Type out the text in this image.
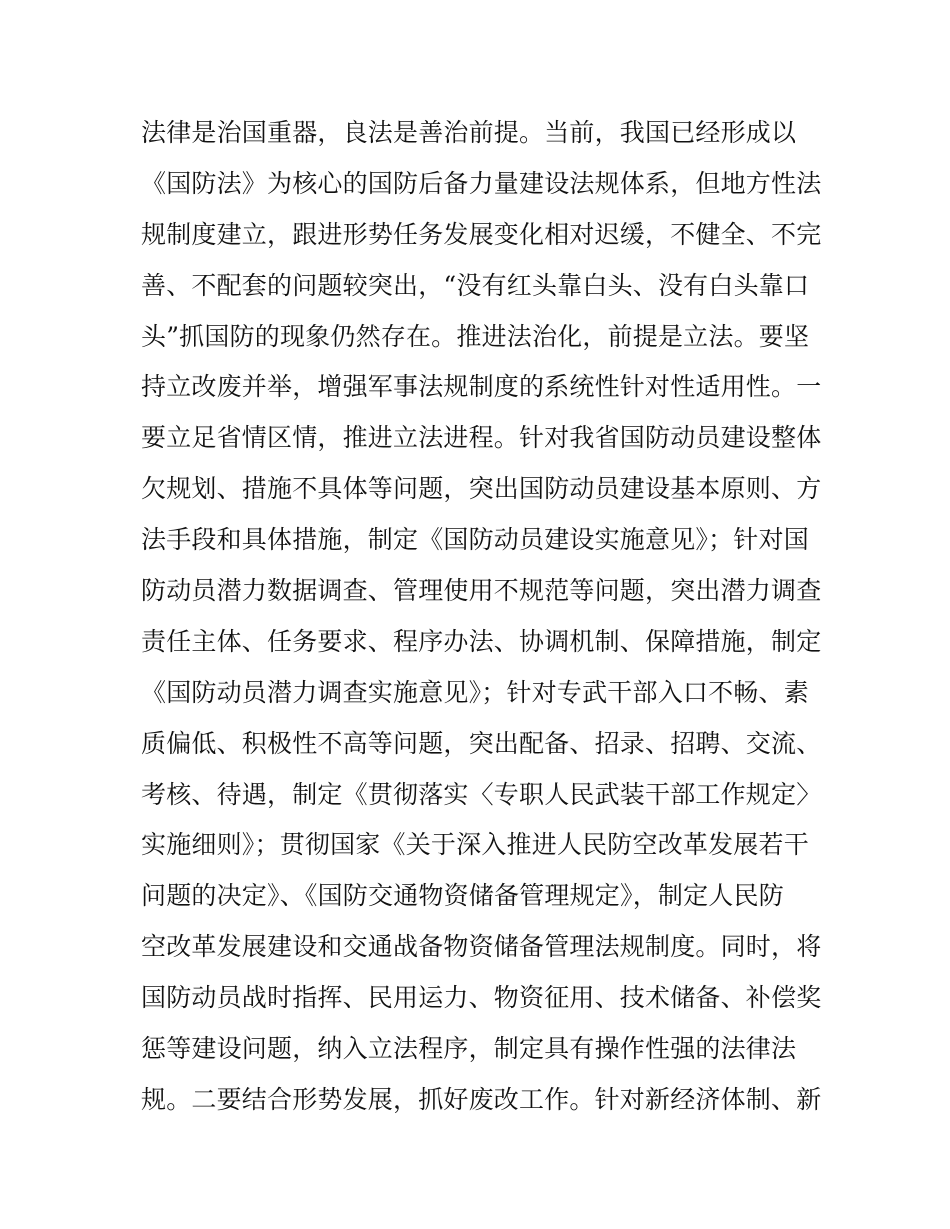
法律是治国重器，良法是善治前提。当前，我国已经形成以
《国防法》为核心的国防后备力量建设法规体系，但地方性法
规制度建立，跟进形势任务发展变化相对迟缓，不健全、不完
善、不配套的问题较突出，“没有红头靠白头、没有白头靠口
头”抓国防的现象仍然存在。推进法治化，前提是立法。要坚
持立改废并举，增强军事法规制度的系统性针对性适用性。一
要立足省情区情，推进立法进程。针对我省国防动员建设整体
欠规划、措施不具体等问题，突出国防动员建设基本原则、方
法手段和具体措施，制定《国防动员建设实施意见》；针对国
防动员潜力数据调查、管理使用不规范等问题，突出潜力调查
责任主体、任务要求、程序办法、协调机制、保障措施，制定
《国防动员潜力调查实施意见》；针对专武干部入口不畅、素
质偏低、积极性不高等问题，突出配备、招录、招聘、交流、
考核、待遇，制定《贯彻落实〈专职人民武装干部工作规定〉
实施细则》；贯彻国家《关于深入推进人民防空改革发展若干
问题的决定》、《国防交通物资储备管理规定》，制定人民防
空改革发展建设和交通战备物资储备管理法规制度。同时，将
国防动员战时指挥、民用运力、物资征用、技术储备、补偿奖
惩等建设问题，纳入立法程序，制定具有操作性强的法律法
规。二要结合形势发展，抓好废改工作。针对新经济体制、新
